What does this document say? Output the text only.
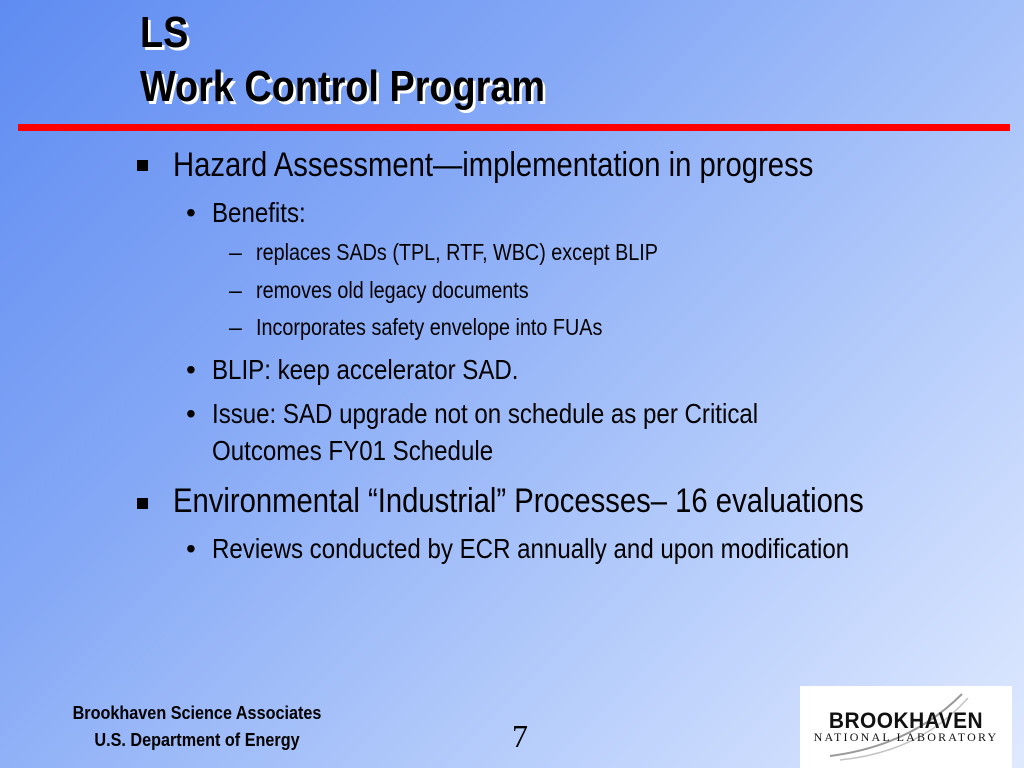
LS
Work Control Program

Hazard Assessment—implementation in progress

• Benefits:

– replaces SADs (TPL, RTF, WBC) except BLIP

– removes old legacy documents

– Incorporates safety envelope into FUAs

• BLIP: keep accelerator SAD.

• Issue: SAD upgrade not on schedule as per Critical

Outcomes FY01 Schedule

Environmental “Industrial” Processes– 16 evaluations

• Reviews conducted by ECR annually and upon modification

Brookhaven Science Associates
U.S. Department of Energy	7	BROOKHAVEN
NATIONAL LABORATORY
